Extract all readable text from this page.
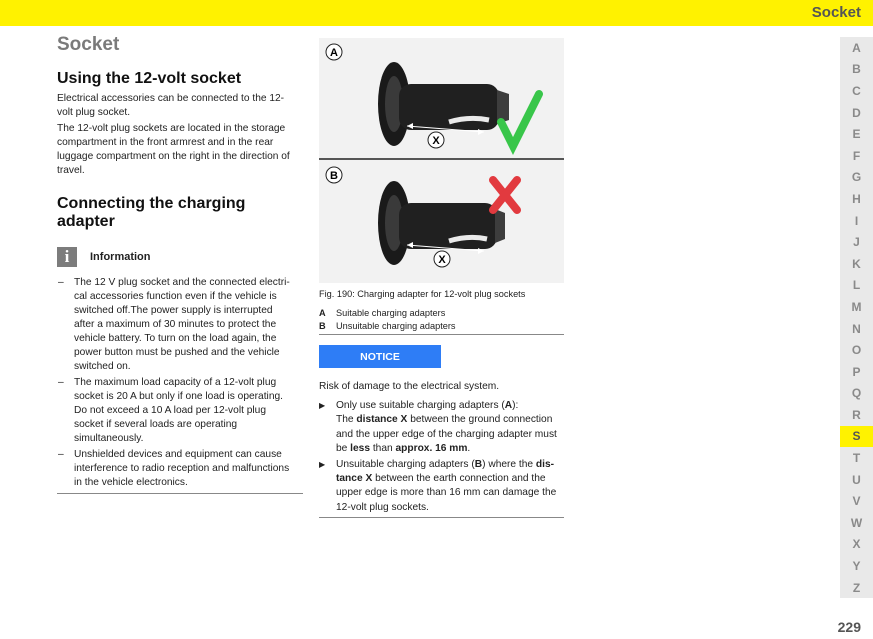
Socket
Socket
Using the 12-volt socket

Electrical accessories can be connected to the 12-
volt plug socket.

The 12-volt plug sockets are located in the storage
compartment in the front armrest and in the rear
luggage compartment on the right in the direction of
travel.

Connecting the charging adapter
i	Information
– The 12 V plug socket and the connected electri-
cal accessories function even if the vehicle is
switched off.The power supply is interrupted
after a maximum of 30 minutes to protect the
vehicle battery. To turn on the load again, the
power button must be pushed and the vehicle
switched on.
– The maximum load capacity of a 12-volt plug
socket is 20 A but only if one load is operating.
Do not exceed a 10 A load per 12-volt plug
socket if several loads are operating
simultaneously.
– Unshielded devices and equipment can cause
interference to radio reception and malfunctions
in the vehicle electronics.
A
X
B
X
Fig. 190: Charging adapter for 12-volt plug sockets
A Suitable charging adapters
B Unsuitable charging adapters
NOTICE

Risk of damage to the electrical system.

▶ Only use suitable charging adapters (A):
The distance X between the ground connection
and the upper edge of the charging adapter must
be less than approx. 16 mm.
▶ Unsuitable charging adapters (B) where the dis-
tance X between the earth connection and the
upper edge is more than 16 mm can damage the
12-volt plug sockets.
A
B
C
D
E
F
G
H
I
J
K
L
M
N
O
P
Q
R
S
T
U
V
W
X
Y
Z
229
